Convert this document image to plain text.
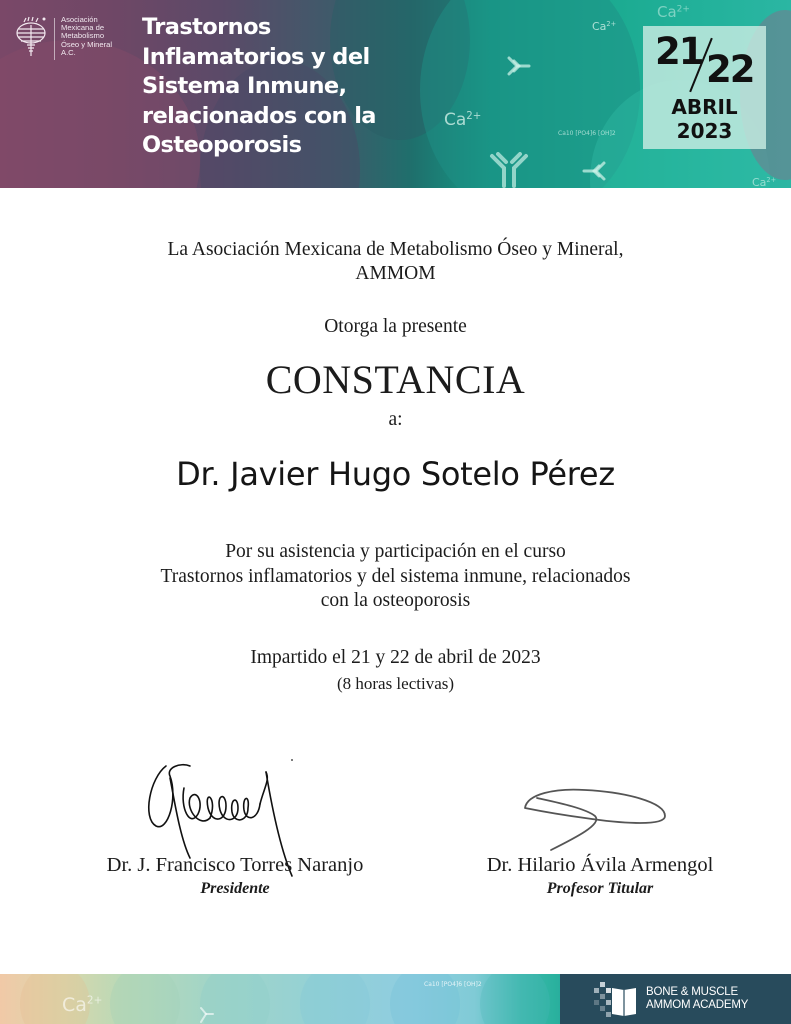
Asociación
Mexicana de
Metabolismo
Óseo y Mineral
A.C.
Trastornos
Inflamatorios y del
Sistema Inmune,
relacionados con la
Osteoporosis
$Ca^{2+}$
$Ca^{2+}$
$Ca^{2+}$
$Ca^{2+}$
Ca10 [PO4]6 [OH]2
21 22
ABRIL
2023
La Asociación Mexicana de Metabolismo Óseo y Mineral,
AMMOM
Otorga la presente
CONSTANCIA
a:
Dr. Javier Hugo Sotelo Pérez
Por su asistencia y participación en el curso
Trastornos inflamatorios y del sistema inmune, relacionados
con la osteoporosis
Impartido el 21 y 22 de abril de 2023
(8 horas lectivas)
Dr. J. Francisco Torres Naranjo
Presidente
Dr. Hilario Ávila Armengol
Profesor Titular
$Ca^{2+}$
Ca10 [PO4]6 [OH]2
BONE & MUSCLE
AMMOM ACADEMY
